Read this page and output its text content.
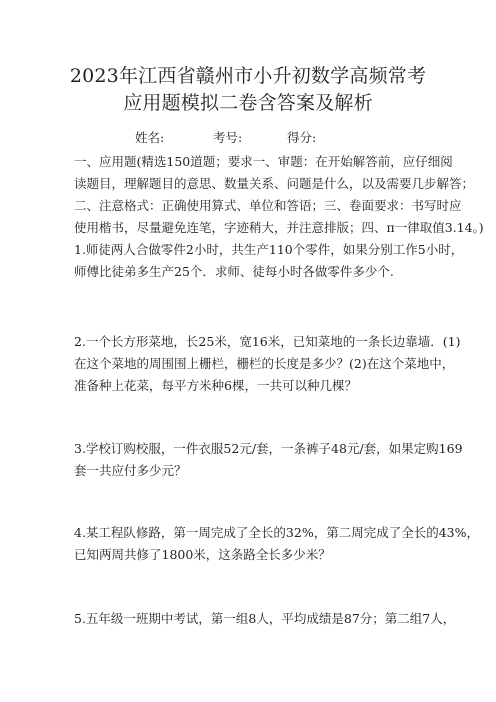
2023年江西省赣州市小升初数学高频常考
应用题模拟二卷含答案及解析
姓名:	考号:	得分:
一、应用题(精选150道题；要求一、审题：在开始解答前，应仔细阅
读题目，理解题目的意思、数量关系、问题是什么，以及需要几步解答；
二、注意格式：正确使用算式、单位和答语；三、卷面要求：书写时应
使用楷书，尽量避免连笔，字迹稍大，并注意排版；四、π一律取值3.14。)
1.师徒两人合做零件2小时，共生产110个零件，如果分别工作5小时，
师傅比徒弟多生产25个．求师、徒每小时各做零件多少个.
2.一个长方形菜地，长25米，宽16米，已知菜地的一条长边靠墙．(1)
在这个菜地的周围围上栅栏，栅栏的长度是多少？(2)在这个菜地中，
准备种上花菜，每平方米种6棵，一共可以种几棵？
3.学校订购校服，一件衣服52元/套，一条裤子48元/套，如果定购169
套一共应付多少元？
4.某工程队修路，第一周完成了全长的32%，第二周完成了全长的43%，
已知两周共修了1800米，这条路全长多少米？
5.五年级一班期中考试，第一组8人，平均成绩是87分；第二组7人，
